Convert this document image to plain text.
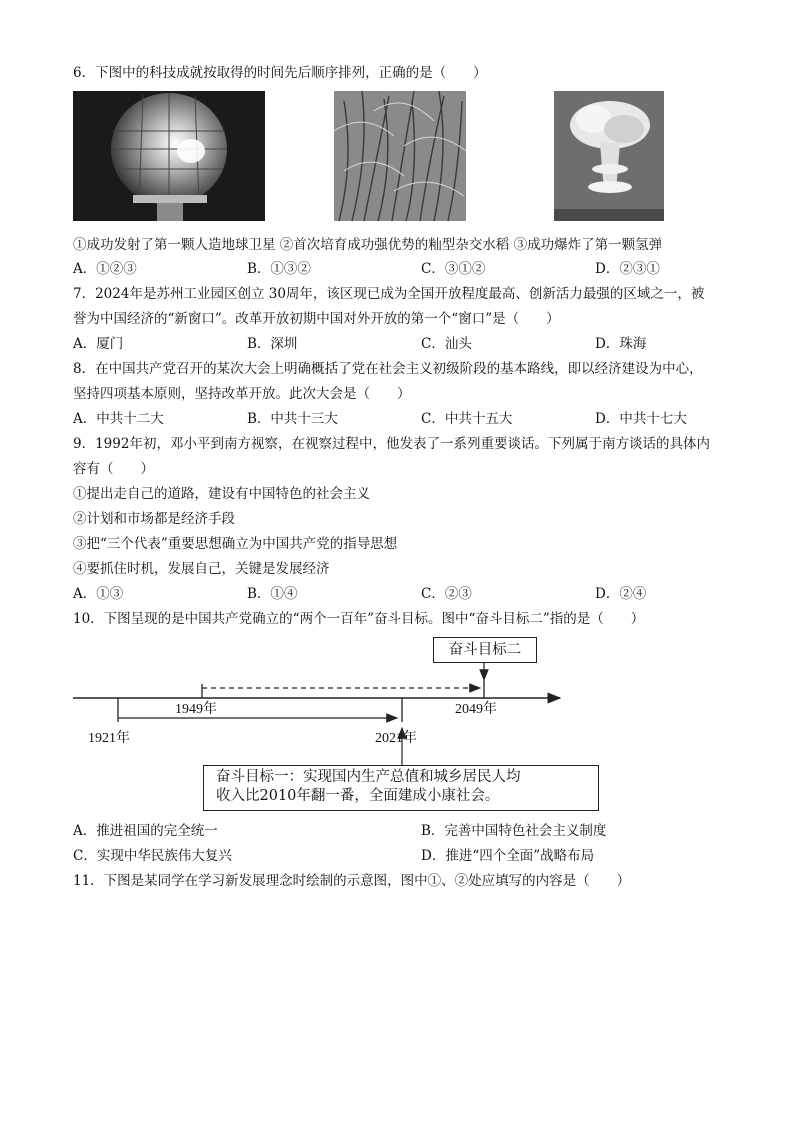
6．下图中的科技成就按取得的时间先后顺序排列，正确的是（　　）
①成功发射了第一颗人造地球卫星 ②首次培育成功强优势的籼型杂交水稻 ③成功爆炸了第一颗氢弹
A．①②③	B．①③②	C．③①②	D．②③①
7．2024年是苏州工业园区创立 30周年，该区现已成为全国开放程度最高、创新活力最强的区域之一，被
誉为中国经济的“新窗口”。改革开放初期中国对外开放的第一个“窗口”是（　　）
A．厦门	B．深圳	C．汕头	D．珠海
8．在中国共产党召开的某次大会上明确概括了党在社会主义初级阶段的基本路线，即以经济建设为中心，
坚持四项基本原则，坚持改革开放。此次大会是（　　）
A．中共十二大	B．中共十三大	C．中共十五大	D．中共十七大
9．1992年初，邓小平到南方视察，在视察过程中，他发表了一系列重要谈话。下列属于南方谈话的具体内
容有（　　）
①提出走自己的道路，建设有中国特色的社会主义
②计划和市场都是经济手段
③把“三个代表”重要思想确立为中国共产党的指导思想
④要抓住时机，发展自己，关键是发展经济
A．①③	B．①④	C．②③	D．②④
10．下图呈现的是中国共产党确立的“两个一百年”奋斗目标。图中“奋斗目标二”指的是（　　）
奋斗目标二
1949年	2049年
1921年	2021年
奋斗目标一：实现国内生产总值和城乡居民人均
收入比2010年翻一番，全面建成小康社会。
A．推进祖国的完全统一	B．完善中国特色社会主义制度
C．实现中华民族伟大复兴	D．推进“四个全面”战略布局
11．下图是某同学在学习新发展理念时绘制的示意图，图中①、②处应填写的内容是（　　）
